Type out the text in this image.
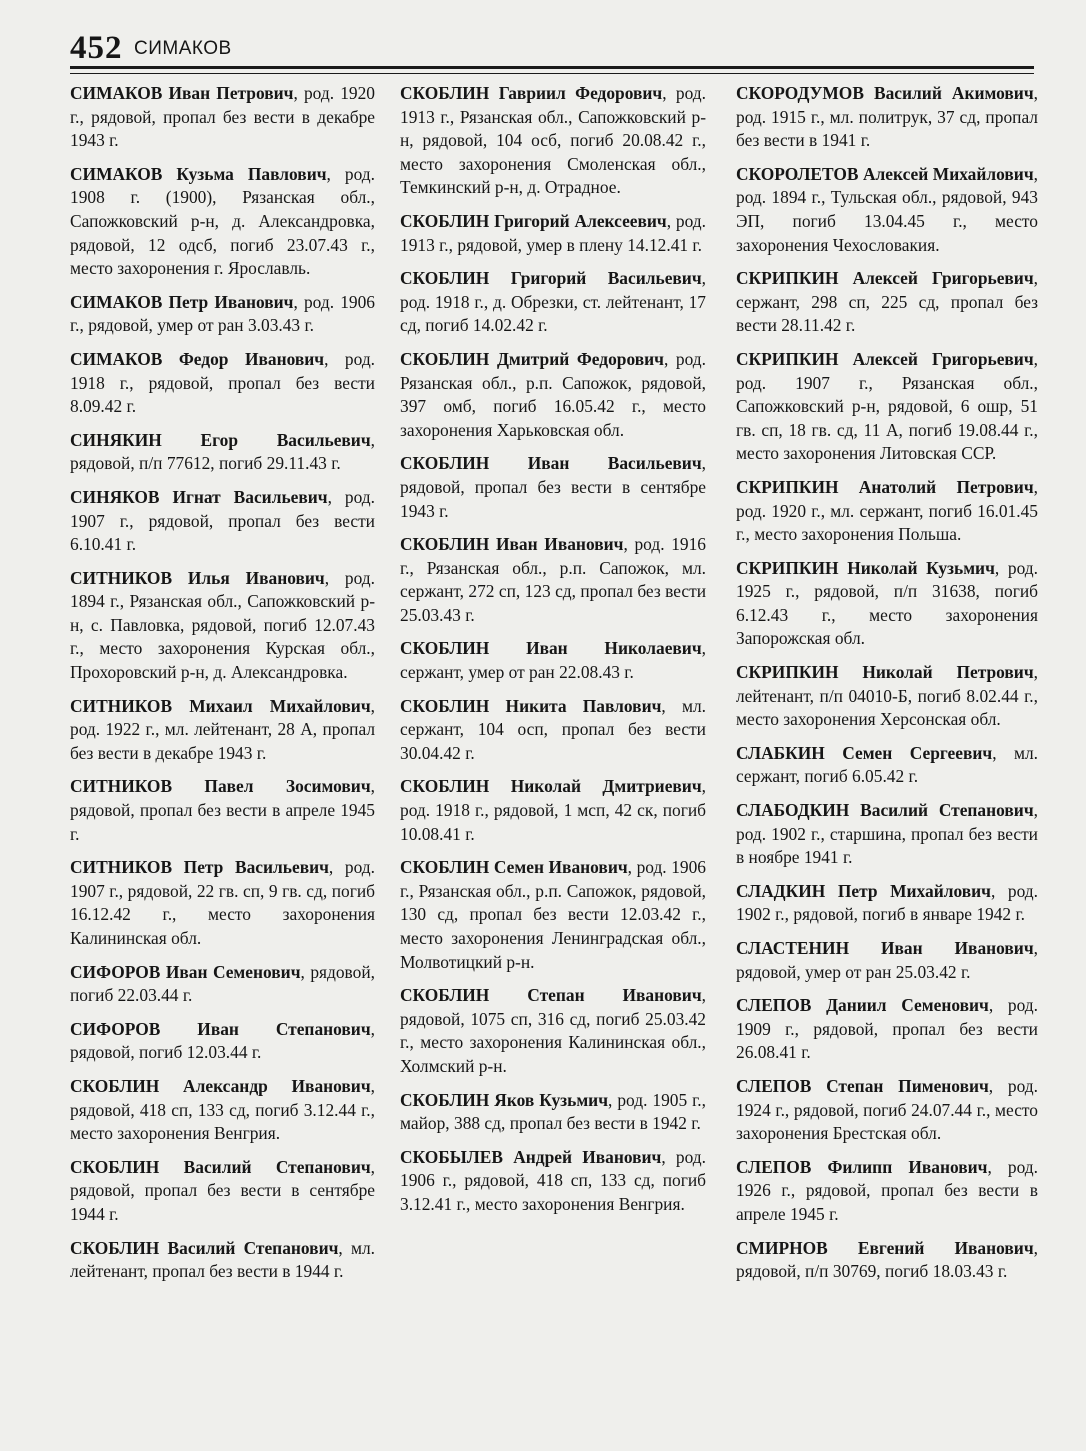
452 СИМАКОВ

СИМАКОВ Иван Петрович, род. 1920 г., рядовой, пропал без вести в декабре 1943 г.

СИМАКОВ Кузьма Павлович, род. 1908 г. (1900), Рязанская обл., Сапожковский р-н, д. Александровка, рядовой, 12 одсб, погиб 23.07.43 г., место захоронения г. Ярославль.

СИМАКОВ Петр Иванович, род. 1906 г., рядовой, умер от ран 3.03.43 г.

СИМАКОВ Федор Иванович, род. 1918 г., рядовой, пропал без вести 8.09.42 г.

СИНЯКИН Егор Васильевич, рядовой, п/п 77612, погиб 29.11.43 г.

СИНЯКОВ Игнат Васильевич, род. 1907 г., рядовой, пропал без вести 6.10.41 г.

СИТНИКОВ Илья Иванович, род. 1894 г., Рязанская обл., Сапожковский р-н, с. Павловка, рядовой, погиб 12.07.43 г., место захоронения Курская обл., Прохоровский р-н, д. Александровка.

СИТНИКОВ Михаил Михайлович, род. 1922 г., мл. лейтенант, 28 А, пропал без вести в декабре 1943 г.

СИТНИКОВ Павел Зосимович, рядовой, пропал без вести в апреле 1945 г.

СИТНИКОВ Петр Васильевич, род. 1907 г., рядовой, 22 гв. сп, 9 гв. сд, погиб 16.12.42 г., место захоронения Калининская обл.

СИФОРОВ Иван Семенович, рядовой, погиб 22.03.44 г.

СИФОРОВ Иван Степанович, рядовой, погиб 12.03.44 г.

СКОБЛИН Александр Иванович, рядовой, 418 сп, 133 сд, погиб 3.12.44 г., место захоронения Венгрия.

СКОБЛИН Василий Степанович, рядовой, пропал без вести в сентябре 1944 г.

СКОБЛИН Василий Степанович, мл. лейтенант, пропал без вести в 1944 г.

СКОБЛИН Гавриил Федорович, род. 1913 г., Рязанская обл., Сапожковский р-н, рядовой, 104 осб, погиб 20.08.42 г., место захоронения Смоленская обл., Темкинский р-н, д. Отрадное.

СКОБЛИН Григорий Алексеевич, род. 1913 г., рядовой, умер в плену 14.12.41 г.

СКОБЛИН Григорий Васильевич, род. 1918 г., д. Обрезки, ст. лейтенант, 17 сд, погиб 14.02.42 г.

СКОБЛИН Дмитрий Федорович, род. Рязанская обл., р.п. Сапожок, рядовой, 397 омб, погиб 16.05.42 г., место захоронения Харьковская обл.

СКОБЛИН Иван Васильевич, рядовой, пропал без вести в сентябре 1943 г.

СКОБЛИН Иван Иванович, род. 1916 г., Рязанская обл., р.п. Сапожок, мл. сержант, 272 сп, 123 сд, пропал без вести 25.03.43 г.

СКОБЛИН Иван Николаевич, сержант, умер от ран 22.08.43 г.

СКОБЛИН Никита Павлович, мл. сержант, 104 осп, пропал без вести 30.04.42 г.

СКОБЛИН Николай Дмитриевич, род. 1918 г., рядовой, 1 мсп, 42 ск, погиб 10.08.41 г.

СКОБЛИН Семен Иванович, род. 1906 г., Рязанская обл., р.п. Сапожок, рядовой, 130 сд, пропал без вести 12.03.42 г., место захоронения Ленинградская обл., Молвотицкий р-н.

СКОБЛИН Степан Иванович, рядовой, 1075 сп, 316 сд, погиб 25.03.42 г., место захоронения Калининская обл., Холмский р-н.

СКОБЛИН Яков Кузьмич, род. 1905 г., майор, 388 сд, пропал без вести в 1942 г.

СКОБЫЛЕВ Андрей Иванович, род. 1906 г., рядовой, 418 сп, 133 сд, погиб 3.12.41 г., место захоронения Венгрия.

СКОРОДУМОВ Василий Акимович, род. 1915 г., мл. политрук, 37 сд, пропал без вести в 1941 г.

СКОРОЛЕТОВ Алексей Михайлович, род. 1894 г., Тульская обл., рядовой, 943 ЭП, погиб 13.04.45 г., место захоронения Чехословакия.

СКРИПКИН Алексей Григорьевич, сержант, 298 сп, 225 сд, пропал без вести 28.11.42 г.

СКРИПКИН Алексей Григорьевич, род. 1907 г., Рязанская обл., Сапожковский р-н, рядовой, 6 ошр, 51 гв. сп, 18 гв. сд, 11 А, погиб 19.08.44 г., место захоронения Литовская ССР.

СКРИПКИН Анатолий Петрович, род. 1920 г., мл. сержант, погиб 16.01.45 г., место захоронения Польша.

СКРИПКИН Николай Кузьмич, род. 1925 г., рядовой, п/п 31638, погиб 6.12.43 г., место захоронения Запорожская обл.

СКРИПКИН Николай Петрович, лейтенант, п/п 04010-Б, погиб 8.02.44 г., место захоронения Херсонская обл.

СЛАБКИН Семен Сергеевич, мл. сержант, погиб 6.05.42 г.

СЛАБОДКИН Василий Степанович, род. 1902 г., старшина, пропал без вести в ноябре 1941 г.

СЛАДКИН Петр Михайлович, род. 1902 г., рядовой, погиб в январе 1942 г.

СЛАСТЕНИН Иван Иванович, рядовой, умер от ран 25.03.42 г.

СЛЕПОВ Даниил Семенович, род. 1909 г., рядовой, пропал без вести 26.08.41 г.

СЛЕПОВ Степан Пименович, род. 1924 г., рядовой, погиб 24.07.44 г., место захоронения Брестская обл.

СЛЕПОВ Филипп Иванович, род. 1926 г., рядовой, пропал без вести в апреле 1945 г.

СМИРНОВ Евгений Иванович, рядовой, п/п 30769, погиб 18.03.43 г.
